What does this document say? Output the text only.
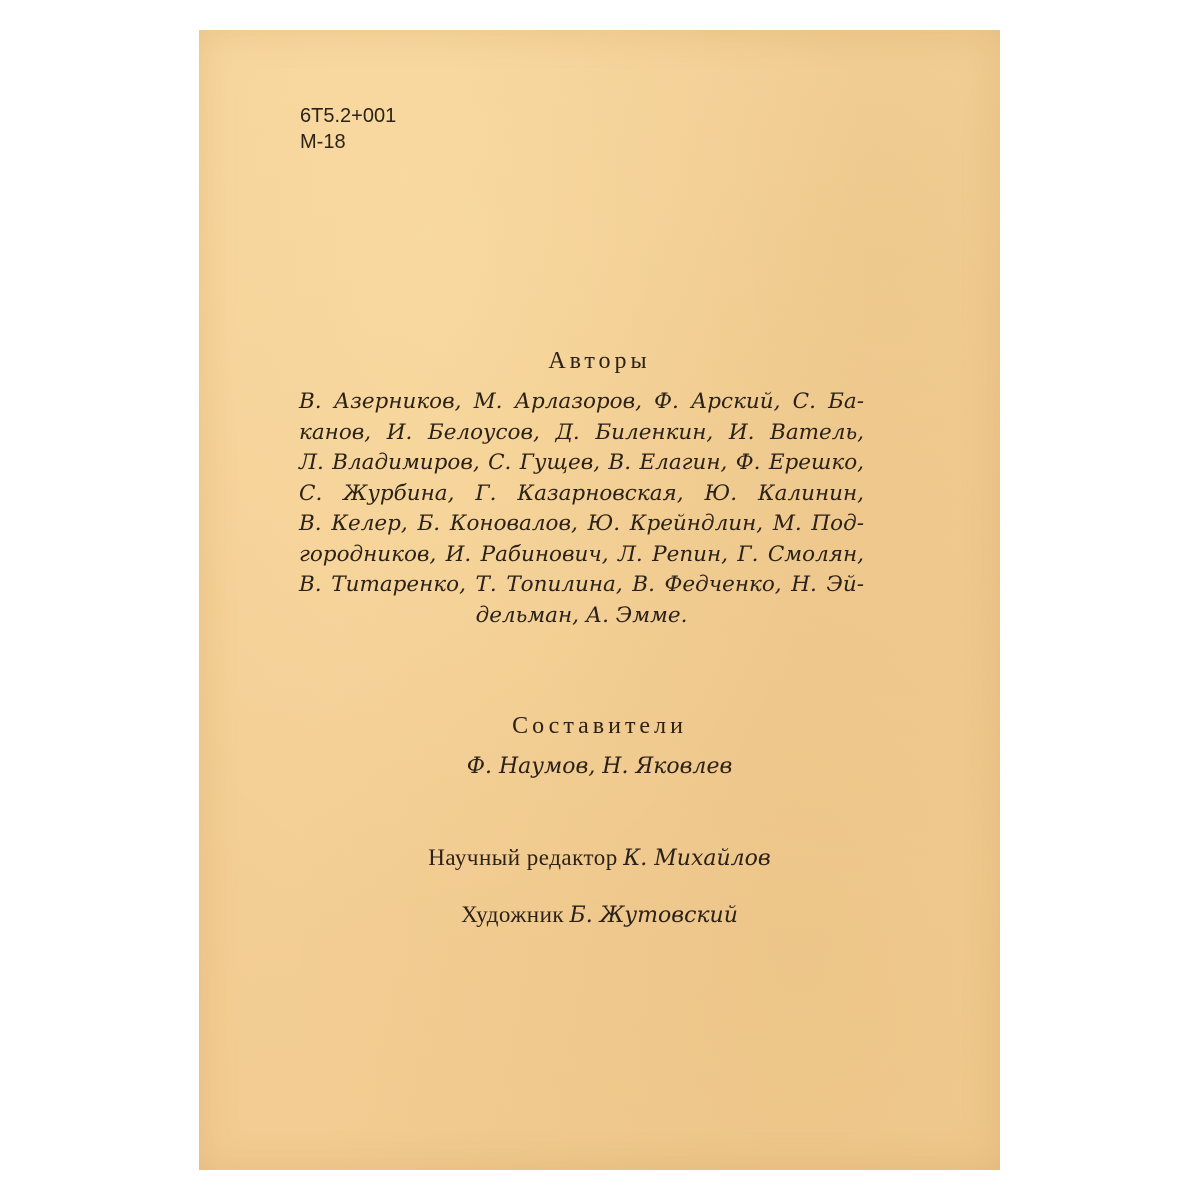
6Т5.2+001
М-18
Авторы
В. Азерников, М. Арлазоров, Ф. Арский, С. Ба-
канов, И. Белоусов, Д. Биленкин, И. Ватель,
Л. Владимиров, С. Гущев, В. Елагин, Ф. Ерешко,
С. Журбина, Г. Казарновская, Ю. Калинин,
В. Келер, Б. Коновалов, Ю. Крейндлин, М. Под-
городников, И. Рабинович, Л. Репин, Г. Смолян,
В. Титаренко, Т. Топилина, В. Федченко, Н. Эй-
дельман, А. Эмме.
Составители
Ф. Наумов, Н. Яковлев
Научный редактор К. Михайлов
Художник Б. Жутовский
